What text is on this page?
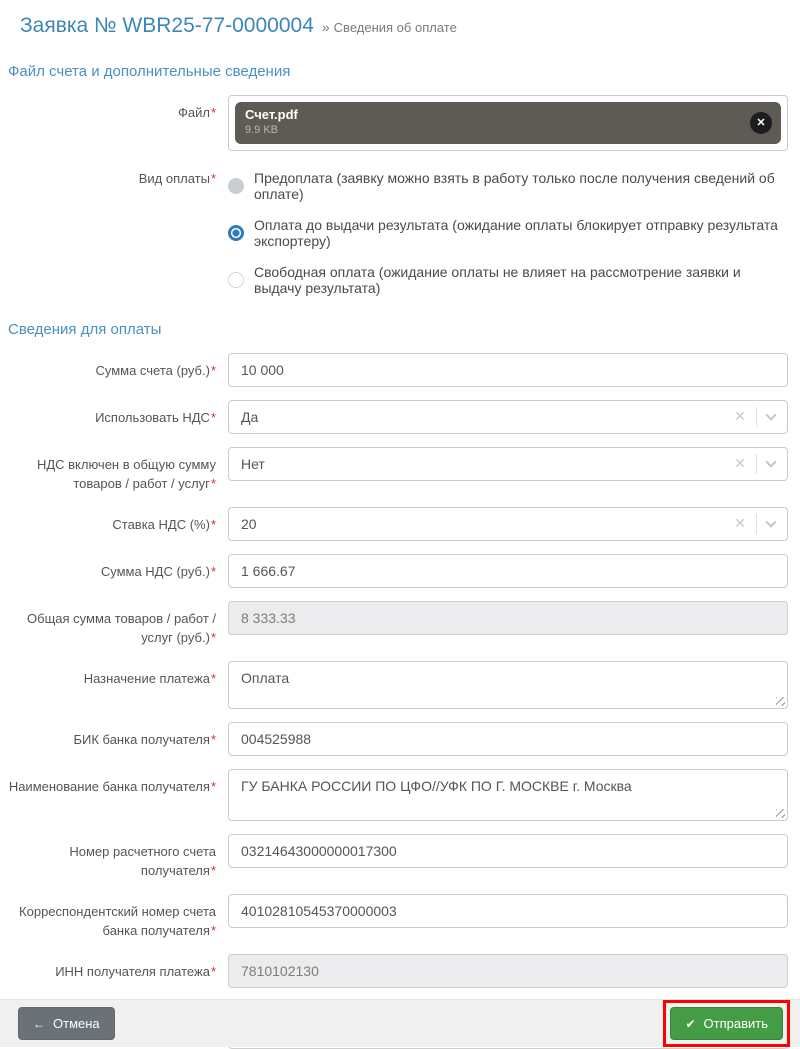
Заявка № WBR25-77-0000004 » Сведения об оплате
Файл счета и дополнительные сведения
Файл* Счет.pdf
9.9 KB
✕
Вид оплаты*	Предоплата (заявку можно взять в работу только после получения сведений об оплате)
Оплата до выдачи результата (ожидание оплаты блокирует отправку результата экспортеру)
Свободная оплата (ожидание оплаты не влияет на рассмотрение заявки и выдачу результата)
Сведения для оплаты
Сумма счета (руб.)*
10 000
Использовать НДС* Да	✕
НДС включен в общую сумму товаров / работ / услуг*
Нет	✕
Ставка НДС (%)* 20	✕
Сумма НДС (руб.)*
1 666.67
Общая сумма товаров / работ / услуг (руб.)*
8 333.33
Назначение платежа*	Оплата
БИК банка получателя*
004525988
Наименование банка получателя*	ГУ БАНКА РОССИИ ПО ЦФО//УФК ПО Г. МОСКВЕ г. Москва
Номер расчетного счета получателя*
03214643000000017300
Корреспондентский номер счета банка получателя*
40102810545370000003
ИНН получателя платежа*
7810102130
← Отмена	✔ Отправить
